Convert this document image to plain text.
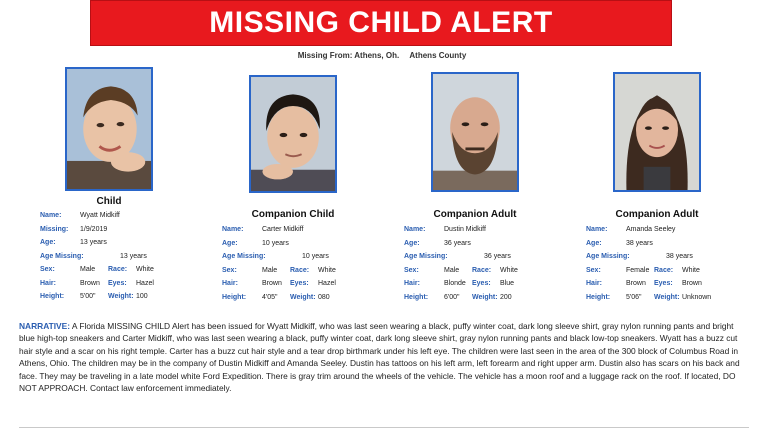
MISSING CHILD ALERT
Missing From: Athens, Oh. Athens County
Child
Companion Child	Companion Adult	Companion Adult
Name:	Wyatt Midkiff
Missing:	1/9/2019
Age:	13 years
Age Missing:	13 years
Sex:	Male	Race:	White
Hair:	Brown	Eyes:	Hazel
Height:	5'00"	Weight: 100
Name:	Carter Midkiff
Age:	10 years
Age Missing:	10 years
Sex:	Male	Race:	White
Hair:	Brown	Eyes:	Hazel
Height:	4'05"	Weight: 080
Name:	Dustin Midkiff
Age:	36 years
Age Missing:	36 years
Sex:	Male	Race:	White
Hair:	Blonde Eyes:	Blue
Height:	6'00"	Weight: 200
Name:	Amanda Seeley
Age:	38 years
Age Missing:	38 years
Sex:	Female Race:	White
Hair:	Brown	Eyes:	Brown
Height:	5'06"	Weight: Unknown
NARRATIVE: A Florida MISSING CHILD Alert has been issued for Wyatt Midkiff, who was last seen wearing a black, puffy winter coat, dark long sleeve shirt, gray nylon running pants and bright blue high-top sneakers and Carter Midkiff, who was last seen wearing a black, puffy winter coat, dark long sleeve shirt, gray nylon running pants and black low-top sneakers. Wyatt has a buzz cut hair style and a scar on his right temple. Carter has a buzz cut hair style and a tear drop birthmark under his left eye. The children were last seen in the area of the 300 block of Columbus Road in Athens, Ohio. The children may be in the company of Dustin Midkiff and Amanda Seeley. Dustin has tattoos on his left arm, left forearm and right upper arm. Dustin also has scars on his back and face. They may be traveling in a late model white Ford Expedition. There is gray trim around the wheels of the vehicle. The vehicle has a moon roof and a luggage rack on the roof. If located, DO NOT APPROACH. Contact law enforcement immediately.
